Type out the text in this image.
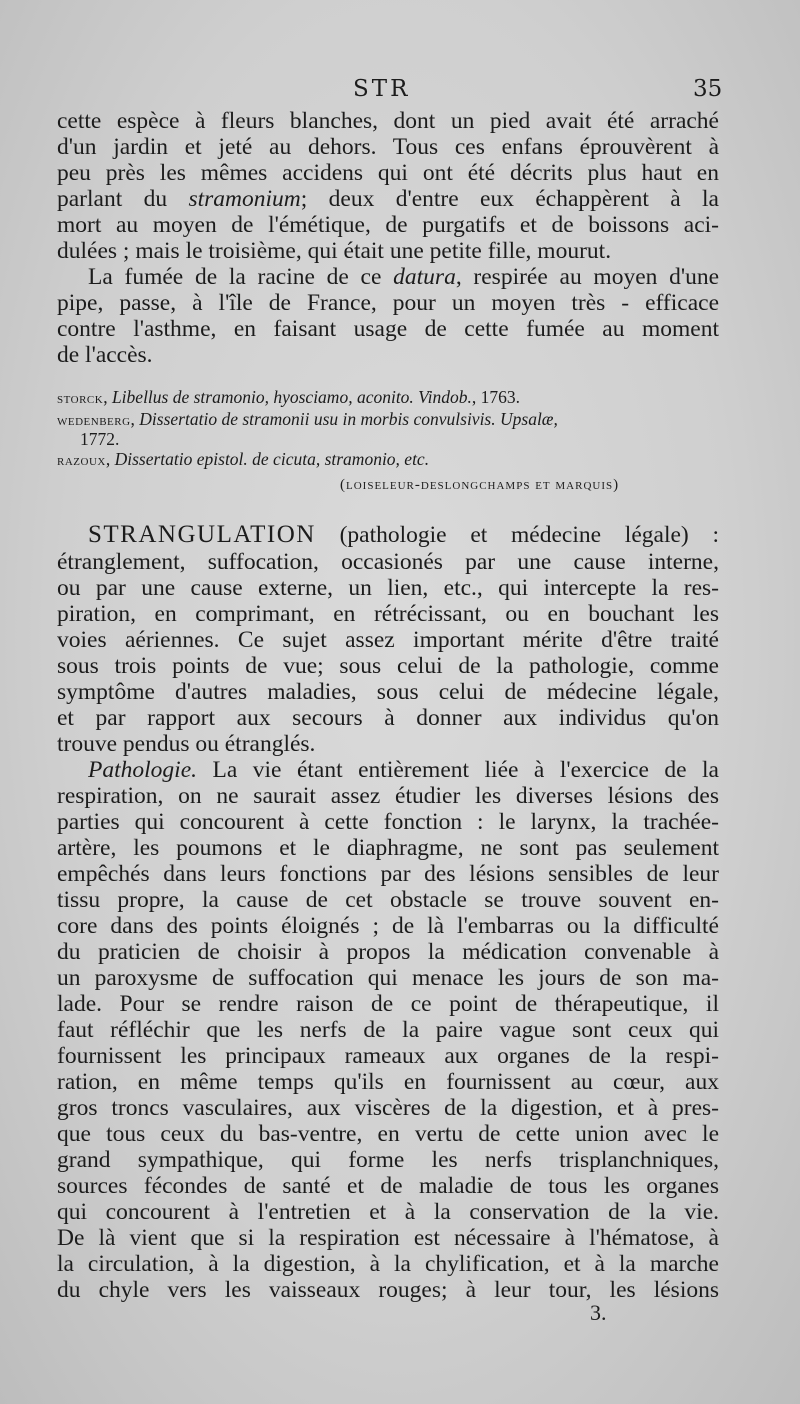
STR	35
cette espèce à fleurs blanches, dont un pied avait été arraché
d'un jardin et jeté au dehors. Tous ces enfans éprouvèrent à
peu près les mêmes accidens qui ont été décrits plus haut en
parlant du stramonium; deux d'entre eux échappèrent à la
mort au moyen de l'émétique, de purgatifs et de boissons aci-
dulées ; mais le troisième, qui était une petite fille, mourut.
La fumée de la racine de ce datura, respirée au moyen d'une
pipe, passe, à l'île de France, pour un moyen très - efficace
contre l'asthme, en faisant usage de cette fumée au moment
de l'accès.
storck, Libellus de stramonio, hyosciamo, aconito. Vindob., 1763.
wedenberg, Dissertatio de stramonii usu in morbis convulsivis. Upsalæ,
1772.
razoux, Dissertatio epistol. de cicuta, stramonio, etc.
(loiseleur-deslongchamps et marquis)
STRANGULATION (pathologie et médecine légale) :
étranglement, suffocation, occasionés par une cause interne,
ou par une cause externe, un lien, etc., qui intercepte la res-
piration, en comprimant, en rétrécissant, ou en bouchant les
voies aériennes. Ce sujet assez important mérite d'être traité
sous trois points de vue; sous celui de la pathologie, comme
symptôme d'autres maladies, sous celui de médecine légale,
et par rapport aux secours à donner aux individus qu'on
trouve pendus ou étranglés.
Pathologie. La vie étant entièrement liée à l'exercice de la
respiration, on ne saurait assez étudier les diverses lésions des
parties qui concourent à cette fonction : le larynx, la trachée-
artère, les poumons et le diaphragme, ne sont pas seulement
empêchés dans leurs fonctions par des lésions sensibles de leur
tissu propre, la cause de cet obstacle se trouve souvent en-
core dans des points éloignés ; de là l'embarras ou la difficulté
du praticien de choisir à propos la médication convenable à
un paroxysme de suffocation qui menace les jours de son ma-
lade. Pour se rendre raison de ce point de thérapeutique, il
faut réfléchir que les nerfs de la paire vague sont ceux qui
fournissent les principaux rameaux aux organes de la respi-
ration, en même temps qu'ils en fournissent au cœur, aux
gros troncs vasculaires, aux viscères de la digestion, et à pres-
que tous ceux du bas-ventre, en vertu de cette union avec le
grand sympathique, qui forme les nerfs trisplanchniques,
sources fécondes de santé et de maladie de tous les organes
qui concourent à l'entretien et à la conservation de la vie.
De là vient que si la respiration est nécessaire à l'hématose, à
la circulation, à la digestion, à la chylification, et à la marche
du chyle vers les vaisseaux rouges; à leur tour, les lésions
3.
